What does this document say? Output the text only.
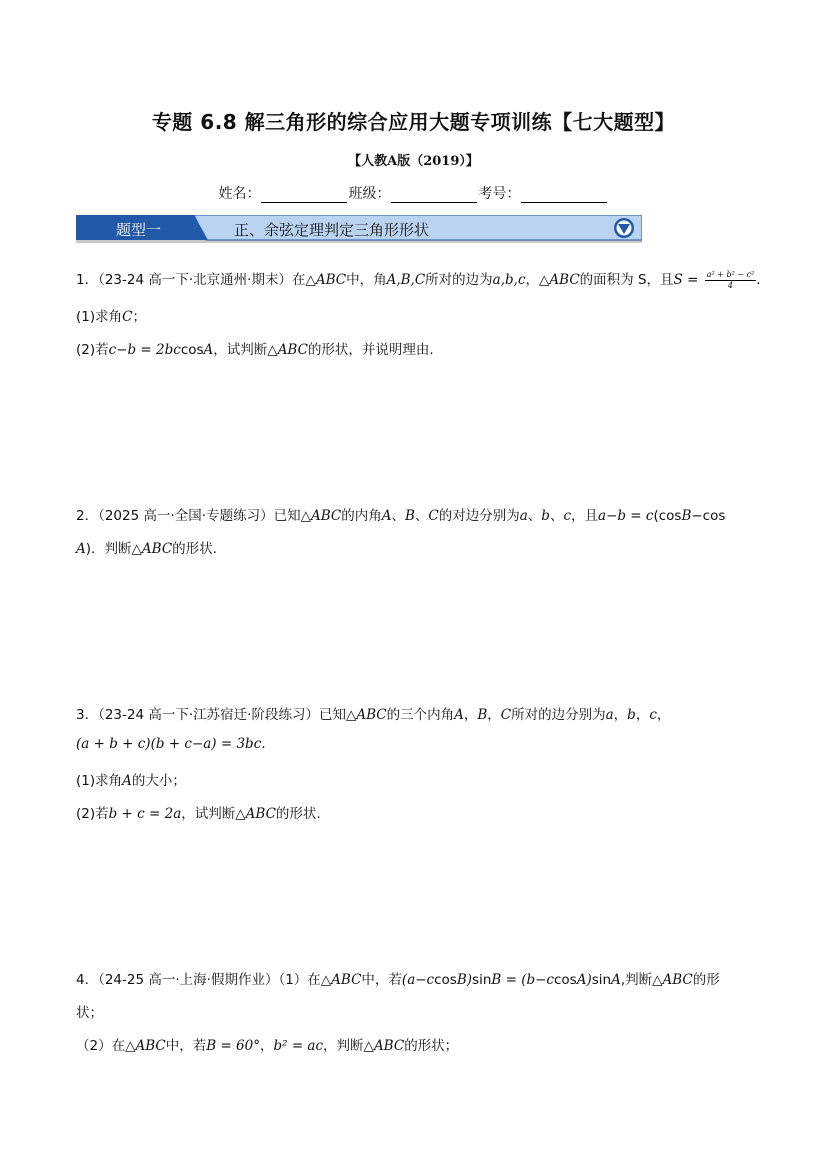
专题 6.8 解三角形的综合应用大题专项训练【七大题型】
【人教A版（2019）】
姓名：	班级：	考号：
题型一	正、余弦定理判定三角形形状
1．（23-24 高一下·北京通州·期末）在△ABC中，角A,B,C所对的边为a,b,c，△ABC的面积为 S，且$S = \frac{\text{a² + b² − c²}}{4}$ .
(1)求角C；
(2)若c−b = 2bccosA，试判断△ABC的形状，并说明理由.
2．（2025 高一·全国·专题练习）已知△ABC的内角A、B、C的对边分别为a、b、c，且a−b = c(cosB−cos
A)．判断△ABC的形状.
3．（23-24 高一下·江苏宿迁·阶段练习）已知△ABC的三个内角A，B，C所对的边分别为a，b，c，
(a + b + c)(b + c−a) = 3bc.
(1)求角A的大小；
(2)若b + c = 2a，试判断△ABC的形状.
4．（24-25 高一·上海·假期作业）（1）在△ABC中，若(a−ccosB)sinB = (b−ccosA)sinA,判断△ABC的形
状；
（2）在△ABC中，若B = 60°，b² = ac，判断△ABC的形状；
